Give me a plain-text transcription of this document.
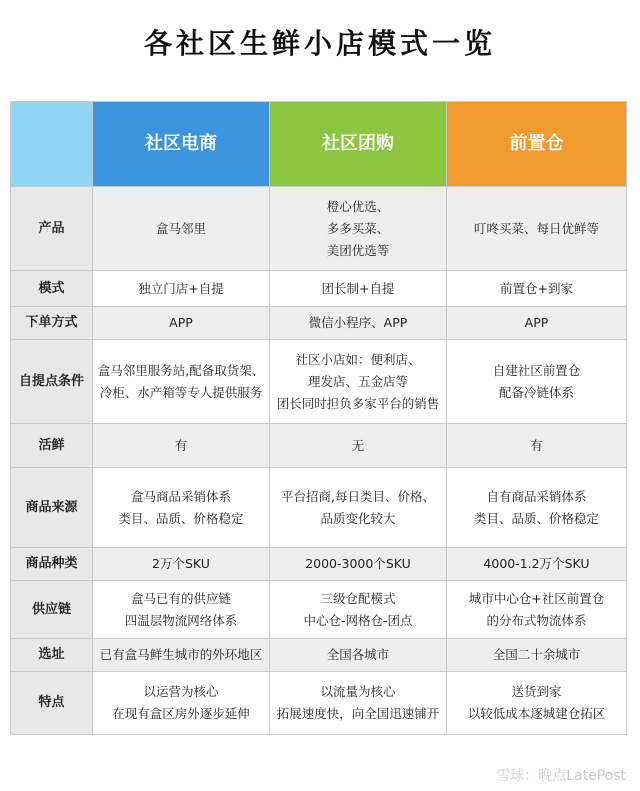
各社区生鲜小店模式一览
	社区电商	社区团购	前置仓
产品	盒马邻里	橙心优选、
多多买菜、
美团优选等	叮咚买菜、每日优鲜等

模式	独立门店+自提	团长制+自提	前置仓+到家

下单方式	APP	微信小程序、APP	APP

自提点条件	盒马邻里服务站,配备取货架、
冷柜、水产箱等专人提供服务	社区小店如：便利店、
理发店、五金店等
团长同时担负多家平台的销售	自建社区前置仓
配备冷链体系

活鲜	有	无	有

商品来源	盒马商品采销体系
类目、品质、价格稳定	平台招商,每日类目、价格、
品质变化较大	自有商品采销体系
类目、品质、价格稳定

商品种类	2万个SKU	2000-3000个SKU	4000-1.2万个SKU

供应链	盒马已有的供应链
四温层物流网络体系	三级仓配模式
中心仓-网格仓-团点	城市中心仓+社区前置仓
的分布式物流体系

选址	已有盒马鲜生城市的外环地区	全国各城市	全国二十余城市

特点	以运营为核心
在现有盒区房外逐步延伸	以流量为核心
拓展速度快，向全国迅速铺开	送货到家
以较低成本逐城建仓拓区
雪球：晚点LatePost
